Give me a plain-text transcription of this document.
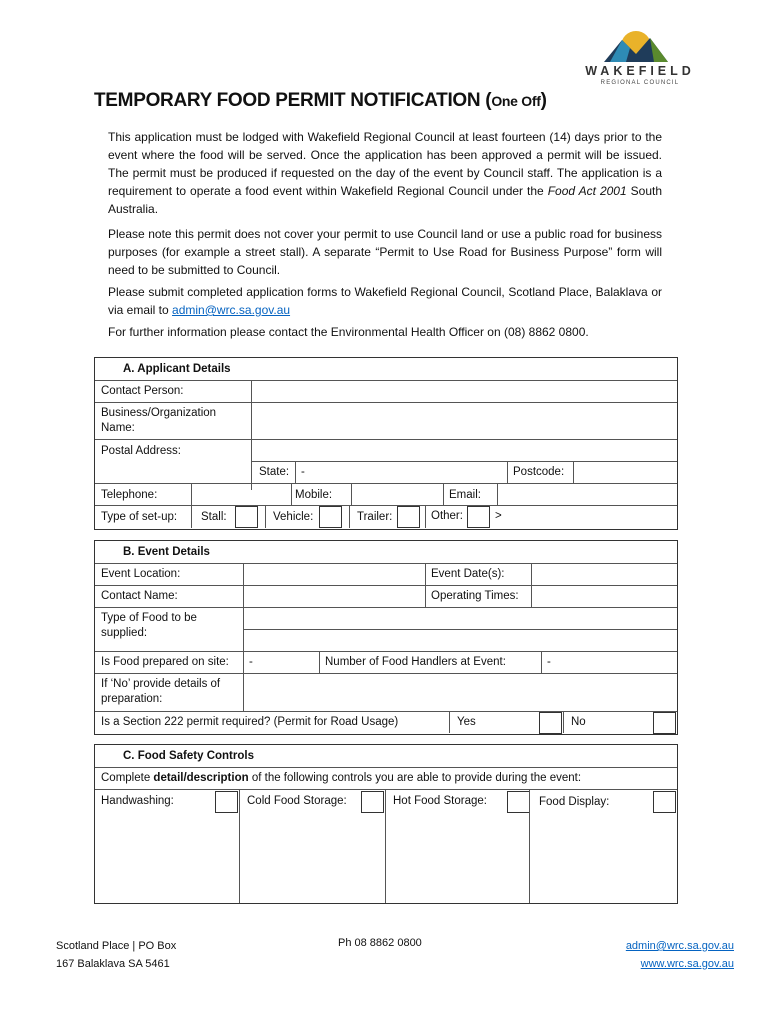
WAKEFIELD
REGIONAL COUNCIL
TEMPORARY FOOD PERMIT NOTIFICATION (One Off)
This application must be lodged with Wakefield Regional Council at least fourteen (14) days prior to the event where the food will be served. Once the application has been approved a permit will be issued. The permit must be produced if requested on the day of the event by Council staff. The application is a requirement to operate a food event within Wakefield Regional Council under the Food Act 2001 South Australia.
Please note this permit does not cover your permit to use Council land or use a public road for business purposes (for example a street stall). A separate “Permit to Use Road for Business Purpose” form will need to be submitted to Council.
Please submit completed application forms to Wakefield Regional Council, Scotland Place, Balaklava or via email to admin@wrc.sa.gov.au
For further information please contact the Environmental Health Officer on (08) 8862 0800.
A. Applicant Details
Contact Person:
Business/Organization Name:
Postal Address:
State: -	Postcode:
Telephone:	Mobile:	Email:
Type of set-up: Stall:	Vehicle:	Trailer:	Other:	>
B. Event Details
Event Location:	Event Date(s):
Contact Name:	Operating Times:
Type of Food to be supplied:
Is Food prepared on site: -	Number of Food Handlers at Event:	-
If ‘No’ provide details of preparation:
Is a Section 222 permit required? (Permit for Road Usage)	Yes	No
C. Food Safety Controls
Complete detail/description of the following controls you are able to provide during the event:
Handwashing:	Cold Food Storage:	Hot Food Storage:	Food Display:
Scotland Place | PO Box
167 Balaklava SA 5461
Ph 08 8862 0800	admin@wrc.sa.gov.au
www.wrc.sa.gov.au
